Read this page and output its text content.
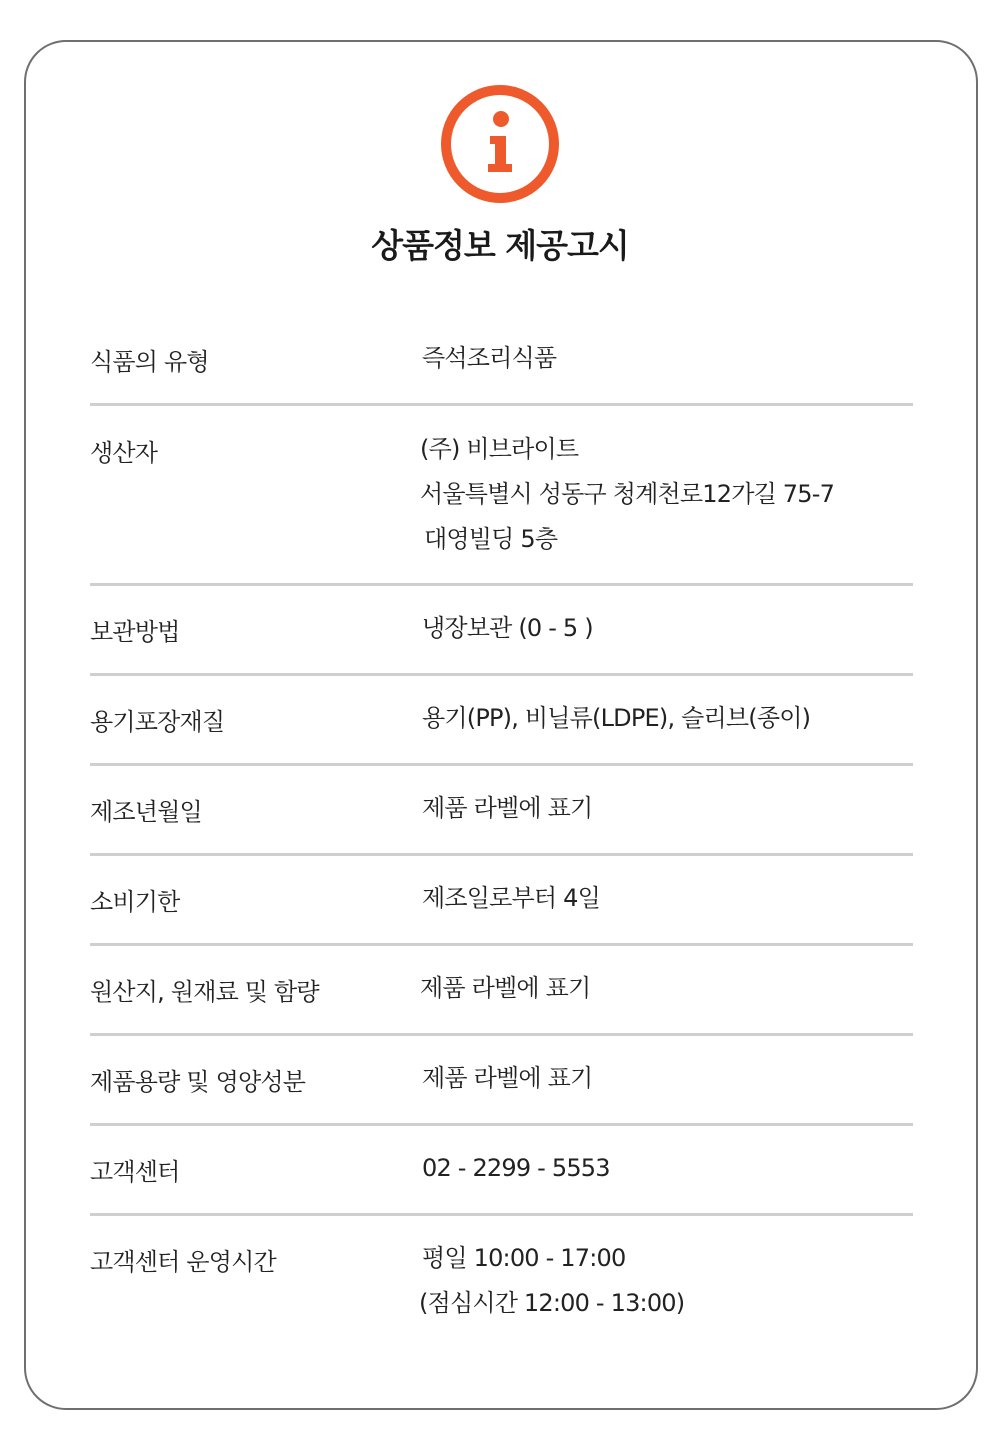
상품정보 제공고시
식품의 유형	즉석조리식품
생산자	(주) 비브라이트
서울특별시 성동구 청계천로12가길 75-7
대영빌딩 5층
보관방법	냉장보관 (0 - 5 )
용기포장재질	용기(PP), 비닐류(LDPE), 슬리브(종이)
제조년월일	제품 라벨에 표기
소비기한	제조일로부터 4일
원산지, 원재료 및 함량	제품 라벨에 표기
제품용량 및 영양성분	제품 라벨에 표기
고객센터	02 - 2299 - 5553
고객센터 운영시간	평일 10:00 - 17:00
(점심시간 12:00 - 13:00)
